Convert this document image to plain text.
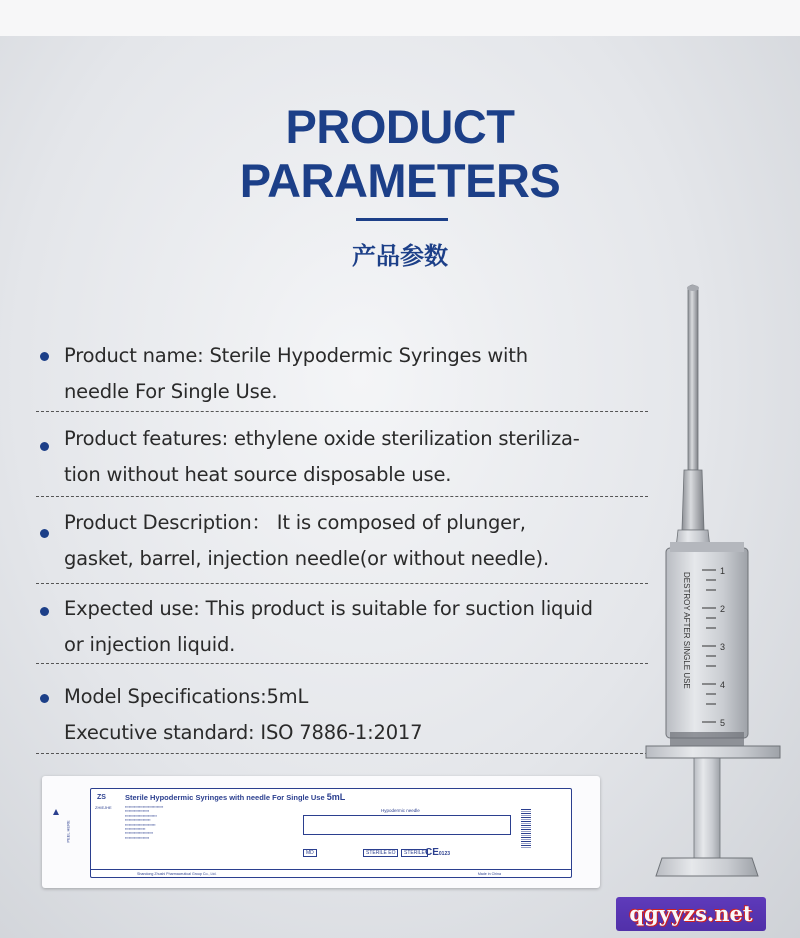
PRODUCT
PARAMETERS
产品参数
Product name: Sterile Hypodermic Syringes with
needle For Single Use.
Product features: ethylene oxide sterilization steriliza-
tion without heat source disposable use.
Product Description： It is composed of plunger,
gasket, barrel, injection needle(or without needle).
Expected use: This product is suitable for suction liquid
or injection liquid.
Model Specifications:5mL
Executive standard: ISO 7886-1:2017
DESTROY AFTER SINGLE USE
1
2
3
4
5
PEEL HERE
ZS
ZHIEJHE
Sterile Hypodermic Syringes with needle For Single Use 5mL
▪▪▪▪▪▪▪▪▪▪▪▪▪▪▪▪▪▪▪▪▪▪▪▪▪▪▪▪▪▪
▪▪▪▪▪▪▪▪▪▪▪▪▪▪▪▪▪▪▪
▪▪▪▪▪▪▪▪▪▪▪▪▪▪▪▪▪▪▪▪▪▪▪▪▪
▪▪▪▪▪▪▪▪▪▪▪▪▪▪▪▪▪▪▪▪
▪▪▪▪▪▪▪▪▪▪▪▪▪▪▪▪▪▪▪▪▪▪▪▪
▪▪▪▪▪▪▪▪▪▪▪▪▪▪▪▪
▪▪▪▪▪▪▪▪▪▪▪▪▪▪▪▪▪▪▪▪▪▪
▪▪▪▪▪▪▪▪▪▪▪▪▪▪▪▪▪▪▪
Hypodermic needle
MD	STERILE EO	STERILE CE0123
Shandong Zhushi Pharmaceutical Group Co., Ltd.	Made in China
qgyyzs.net
